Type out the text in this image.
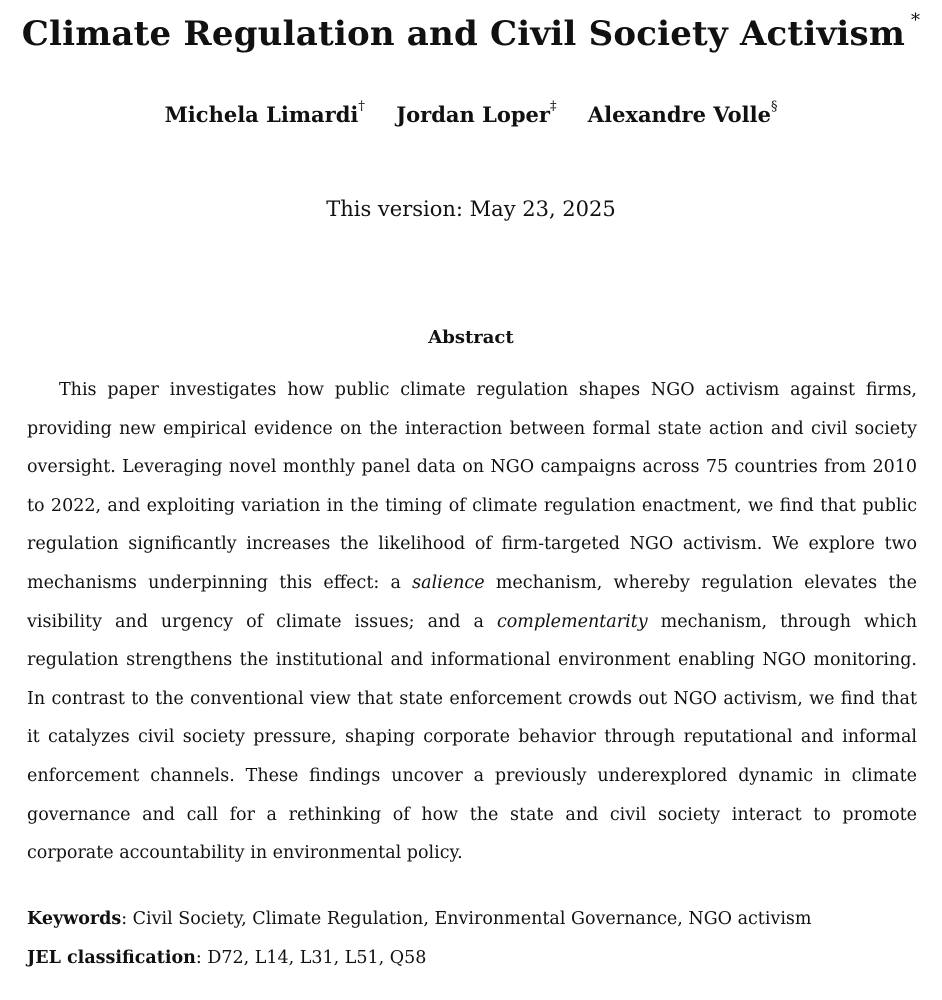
Climate Regulation and Civil Society Activism *
Michela Limardi† Jordan Loper‡ Alexandre Volle§
This version: May 23, 2025
Abstract
This paper investigates how public climate regulation shapes NGO activism against firms, providing new empirical evidence on the interaction between formal state action and civil society oversight. Leveraging novel monthly panel data on NGO campaigns across 75 countries from 2010 to 2022, and exploiting variation in the timing of climate regulation enactment, we find that public regulation significantly increases the likelihood of firm-targeted NGO activism. We explore two mechanisms underpinning this effect: a salience mechanism, whereby regulation elevates the visibility and urgency of climate issues; and a complementarity mechanism, through which regulation strengthens the institutional and informational environment enabling NGO monitoring. In contrast to the conventional view that state enforcement crowds out NGO activism, we find that it catalyzes civil society pressure, shaping corporate behavior through reputational and informal enforcement channels. These findings uncover a previously underexplored dynamic in climate governance and call for a rethinking of how the state and civil society interact to promote corporate accountability in environmental policy.
Keywords: Civil Society, Climate Regulation, Environmental Governance, NGO activism
JEL classification: D72, L14, L31, L51, Q58
